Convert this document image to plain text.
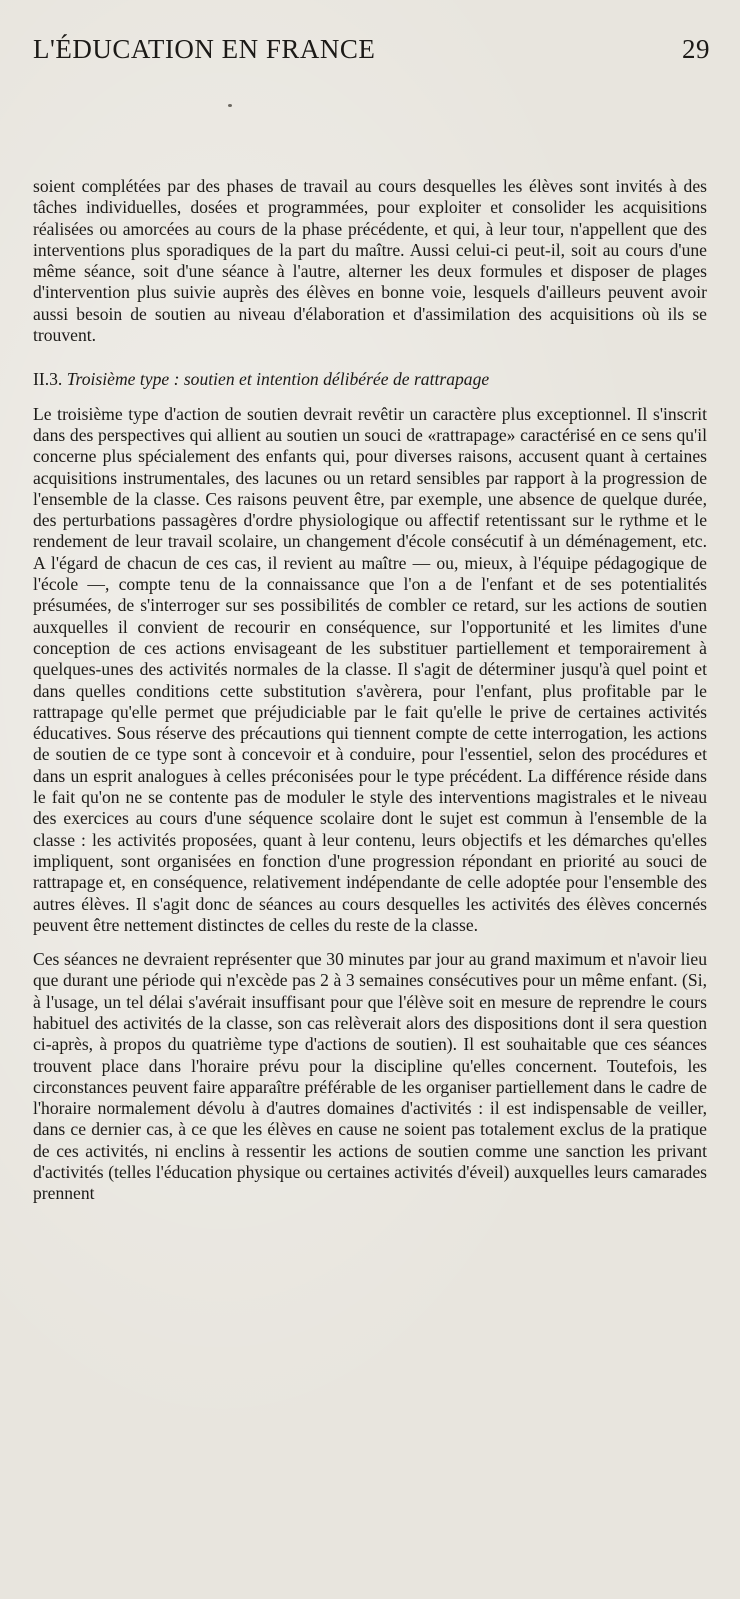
L'ÉDUCATION EN FRANCE	29

soient complétées par des phases de travail au cours desquelles les élèves sont invités à des tâches individuelles, dosées et programmées, pour exploiter et consolider les acquisitions réalisées ou amorcées au cours de la phase précédente, et qui, à leur tour, n'appellent que des interventions plus sporadiques de la part du maître. Aussi celui-ci peut-il, soit au cours d'une même séance, soit d'une séance à l'autre, alterner les deux formules et disposer de plages d'intervention plus suivie auprès des élèves en bonne voie, lesquels d'ailleurs peuvent avoir aussi besoin de soutien au niveau d'élaboration et d'assimilation des acquisitions où ils se trouvent.

II.3. Troisième type : soutien et intention délibérée de rattrapage

Le troisième type d'action de soutien devrait revêtir un caractère plus exceptionnel. Il s'inscrit dans des perspectives qui allient au soutien un souci de «rattrapage» caractérisé en ce sens qu'il concerne plus spécialement des enfants qui, pour diverses raisons, accusent quant à certaines acquisitions instrumentales, des lacunes ou un retard sensibles par rapport à la progression de l'ensemble de la classe. Ces raisons peuvent être, par exemple, une absence de quelque durée, des perturbations passagères d'ordre physiologique ou affectif retentissant sur le rythme et le rendement de leur travail scolaire, un changement d'école consécutif à un déménagement, etc. A l'égard de chacun de ces cas, il revient au maître — ou, mieux, à l'équipe pédagogique de l'école —, compte tenu de la connaissance que l'on a de l'enfant et de ses potentialités présumées, de s'interroger sur ses possibilités de combler ce retard, sur les actions de soutien auxquelles il convient de recourir en conséquence, sur l'opportunité et les limites d'une conception de ces actions envisageant de les substituer partiellement et temporairement à quelques-unes des activités normales de la classe. Il s'agit de déterminer jusqu'à quel point et dans quelles conditions cette substitution s'avèrera, pour l'enfant, plus profitable par le rattrapage qu'elle permet que préjudiciable par le fait qu'elle le prive de certaines activités éducatives. Sous réserve des précautions qui tiennent compte de cette interrogation, les actions de soutien de ce type sont à concevoir et à conduire, pour l'essentiel, selon des procédures et dans un esprit analogues à celles préconisées pour le type précédent. La différence réside dans le fait qu'on ne se contente pas de moduler le style des interventions magistrales et le niveau des exercices au cours d'une séquence scolaire dont le sujet est commun à l'ensemble de la classe : les activités proposées, quant à leur contenu, leurs objectifs et les démarches qu'elles impliquent, sont organisées en fonction d'une progression répondant en priorité au souci de rattrapage et, en conséquence, relativement indépendante de celle adoptée pour l'ensemble des autres élèves. Il s'agit donc de séances au cours desquelles les activités des élèves concernés peuvent être nettement distinctes de celles du reste de la classe.

Ces séances ne devraient représenter que 30 minutes par jour au grand maximum et n'avoir lieu que durant une période qui n'excède pas 2 à 3 semaines consécutives pour un même enfant. (Si, à l'usage, un tel délai s'avérait insuffisant pour que l'élève soit en mesure de reprendre le cours habituel des activités de la classe, son cas relèverait alors des dispositions dont il sera question ci-après, à propos du quatrième type d'actions de soutien). Il est souhaitable que ces séances trouvent place dans l'horaire prévu pour la discipline qu'elles concernent. Toutefois, les circonstances peuvent faire apparaître préférable de les organiser partiellement dans le cadre de l'horaire normalement dévolu à d'autres domaines d'activités : il est indispensable de veiller, dans ce dernier cas, à ce que les élèves en cause ne soient pas totalement exclus de la pratique de ces activités, ni enclins à ressentir les actions de soutien comme une sanction les privant d'activités (telles l'éducation physique ou certaines activités d'éveil) auxquelles leurs camarades prennent
